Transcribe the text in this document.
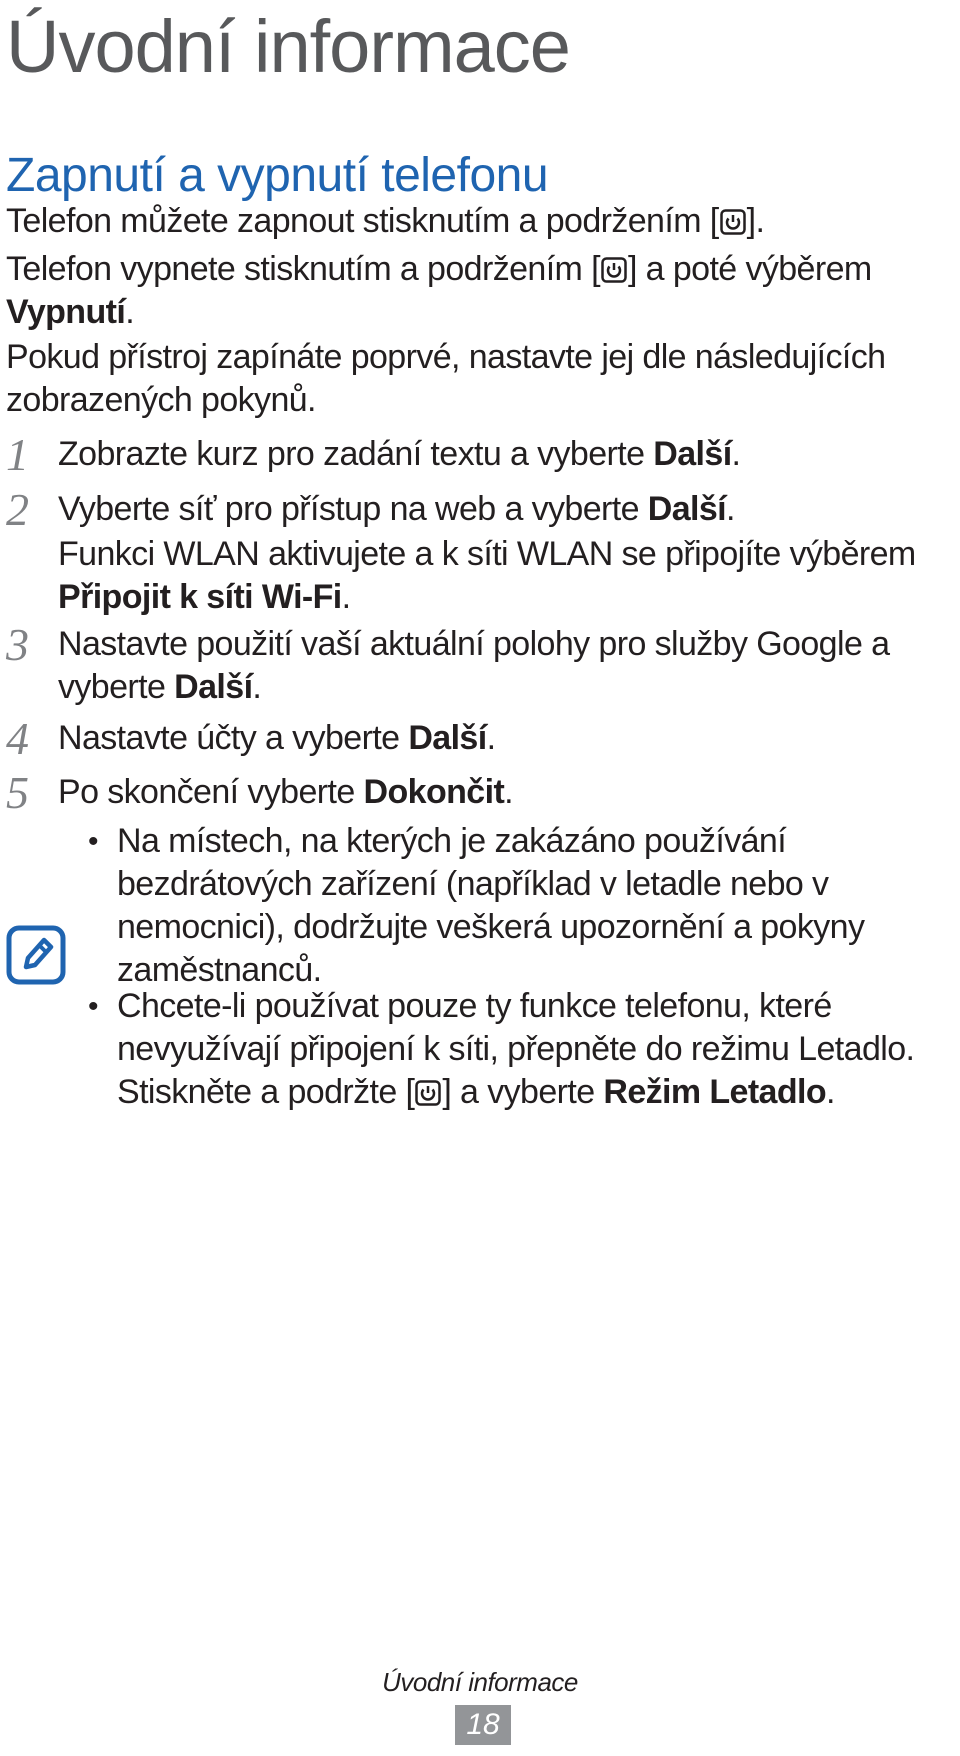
Úvodní informace
Zapnutí a vypnutí telefonu
Telefon můžete zapnout stisknutím a podržením [ ].
Telefon vypnete stisknutím a podržením [ ] a poté výběrem
Vypnutí.
Pokud přístroj zapínáte poprvé, nastavte jej dle následujících zobrazených pokynů.
1 Zobrazte kurz pro zadání textu a vyberte Další.
2 Vyberte síť pro přístup na web a vyberte Další.
Funkci WLAN aktivujete a k síti WLAN se připojíte výběrem Připojit k síti Wi-Fi.
3 Nastavte použití vaší aktuální polohy pro služby Google a vyberte Další.
4 Nastavte účty a vyberte Další.
5 Po skončení vyberte Dokončit.
• Na místech, na kterých je zakázáno používání bezdrátových zařízení (například v letadle nebo v nemocnici), dodržujte veškerá upozornění a pokyny zaměstnanců.
• Chcete-li používat pouze ty funkce telefonu, které nevyužívají připojení k síti, přepněte do režimu Letadlo. Stiskněte a podržte [ ] a vyberte Režim Letadlo.
Úvodní informace
18
